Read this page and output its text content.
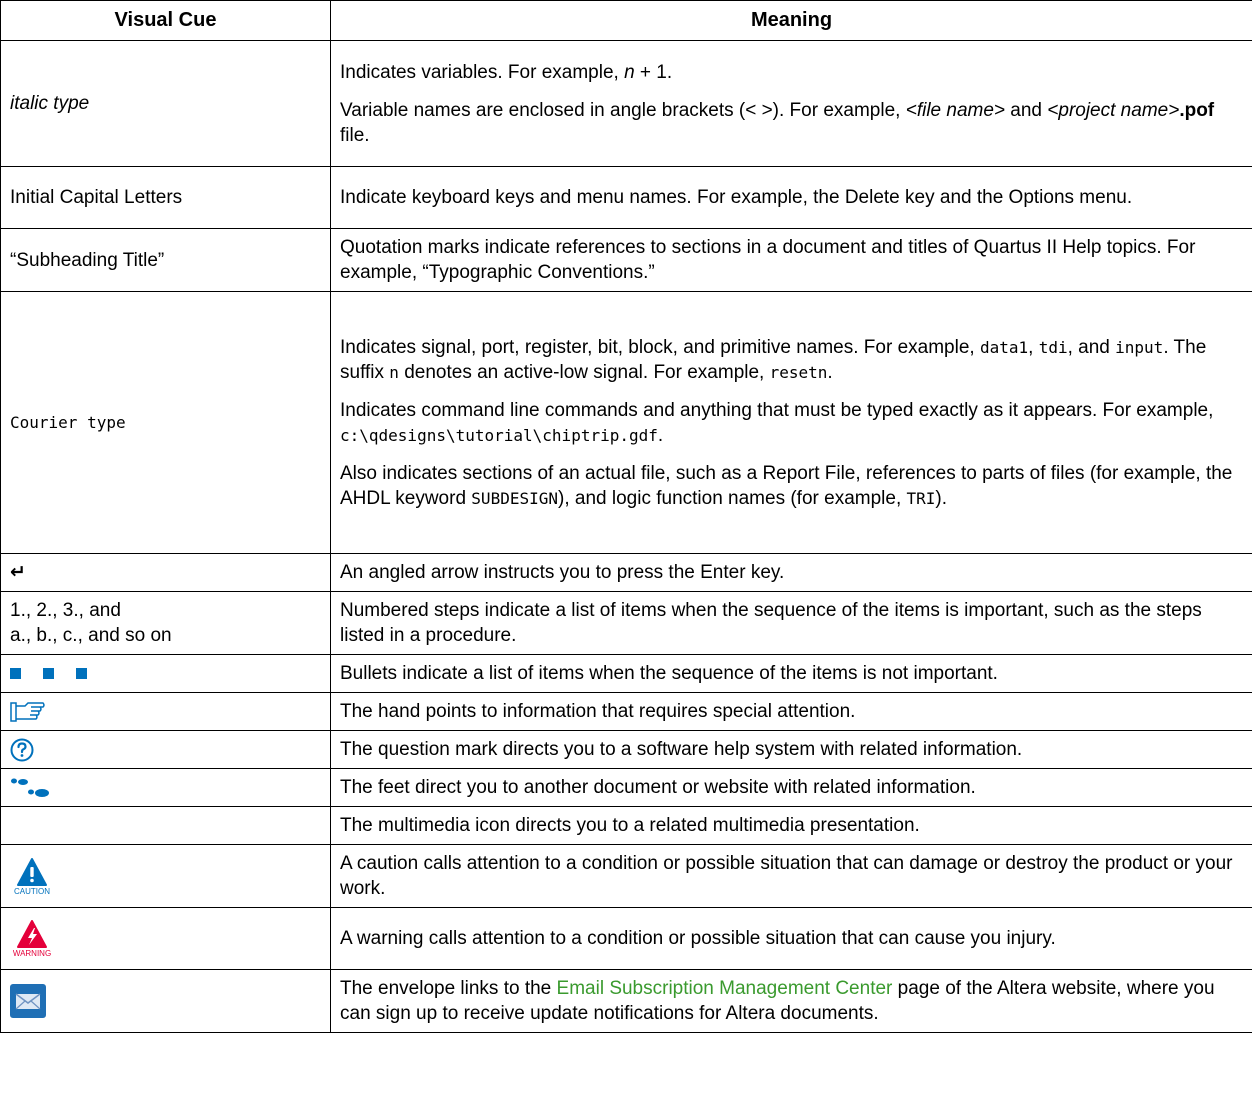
Visual Cue	Meaning
italic type	Indicates variables. For example, n + 1.

Variable names are enclosed in angle brackets (< >). For example, <file name> and <project name>.pof file.

Initial Capital Letters	Indicate keyboard keys and menu names. For example, the Delete key and the Options menu.
“Subheading Title”	Quotation marks indicate references to sections in a document and titles of Quartus II Help topics. For example, “Typographic Conventions.”
Courier type	Indicates signal, port, register, bit, block, and primitive names. For example, data1, tdi, and input. The suffix n denotes an active-low signal. For example, resetn.

Indicates command line commands and anything that must be typed exactly as it appears. For example, c:\qdesigns\tutorial\chiptrip.gdf.

Also indicates sections of an actual file, such as a Report File, references to parts of files (for example, the AHDL keyword SUBDESIGN), and logic function names (for example, TRI).

↵	An angled arrow instructs you to press the Enter key.

1., 2., 3., and
a., b., c., and so on	Numbered steps indicate a list of items when the sequence of the items is important, such as the steps listed in a procedure.

	Bullets indicate a list of items when the sequence of the items is not important.
	The hand points to information that requires special attention.
	The question mark directs you to a software help system with related information.
	The feet direct you to another document or website with related information.
	The multimedia icon directs you to a related multimedia presentation.

CAUTION	A caution calls attention to a condition or possible situation that can damage or destroy the product or your work.

WARNING	A warning calls attention to a condition or possible situation that can cause you injury.
	The envelope links to the Email Subscription Management Center page of the Altera website, where you can sign up to receive update notifications for Altera documents.
